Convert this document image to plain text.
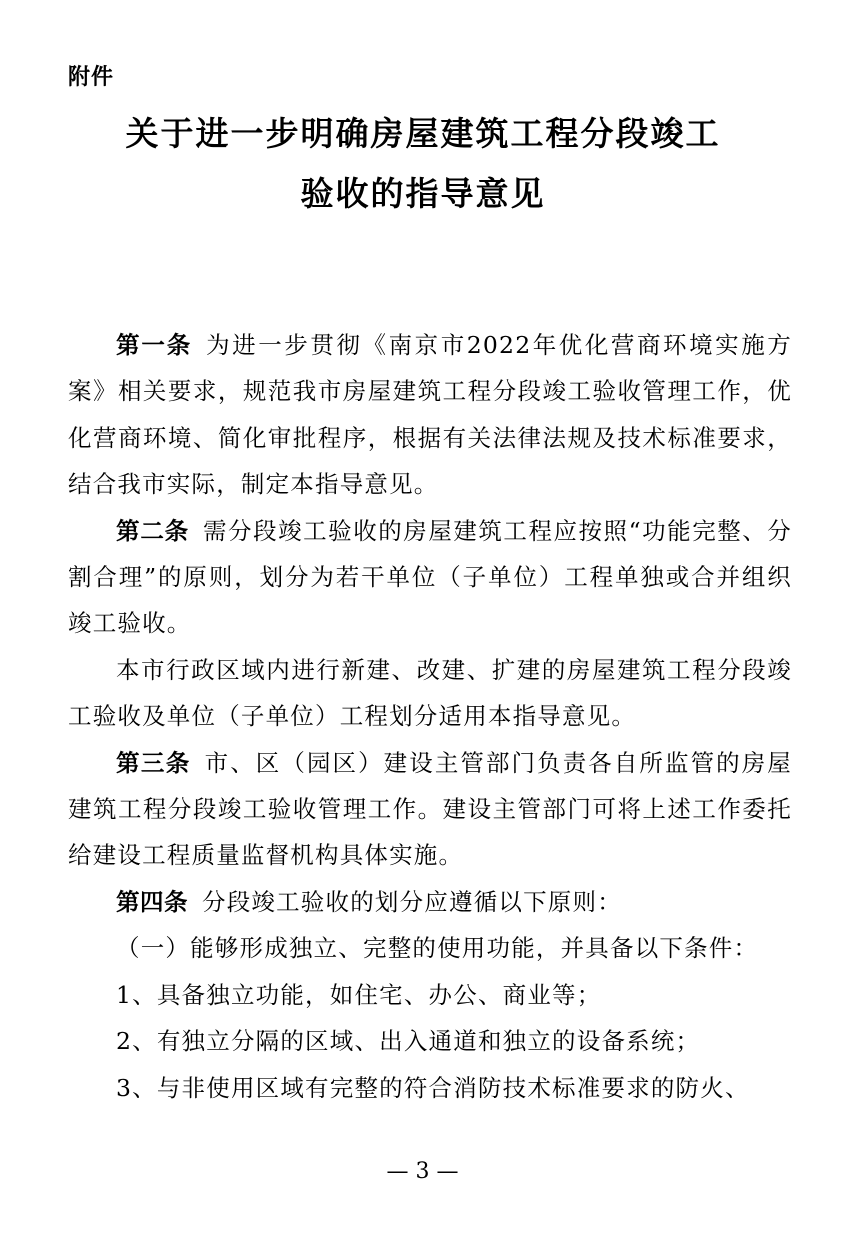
附件
关于进一步明确房屋建筑工程分段竣工
验收的指导意见

第一条 为进一步贯彻《南京市2022年优化营商环境实施方案》相关要求，规范我市房屋建筑工程分段竣工验收管理工作，优化营商环境、简化审批程序，根据有关法律法规及技术标准要求，结合我市实际，制定本指导意见。

第二条 需分段竣工验收的房屋建筑工程应按照“功能完整、分割合理”的原则，划分为若干单位（子单位）工程单独或合并组织竣工验收。

本市行政区域内进行新建、改建、扩建的房屋建筑工程分段竣工验收及单位（子单位）工程划分适用本指导意见。

第三条 市、区（园区）建设主管部门负责各自所监管的房屋建筑工程分段竣工验收管理工作。建设主管部门可将上述工作委托给建设工程质量监督机构具体实施。

第四条 分段竣工验收的划分应遵循以下原则：

（一）能够形成独立、完整的使用功能，并具备以下条件：

1、具备独立功能，如住宅、办公、商业等；

2、有独立分隔的区域、出入通道和独立的设备系统；

3、与非使用区域有完整的符合消防技术标准要求的防火、

— 3 —
